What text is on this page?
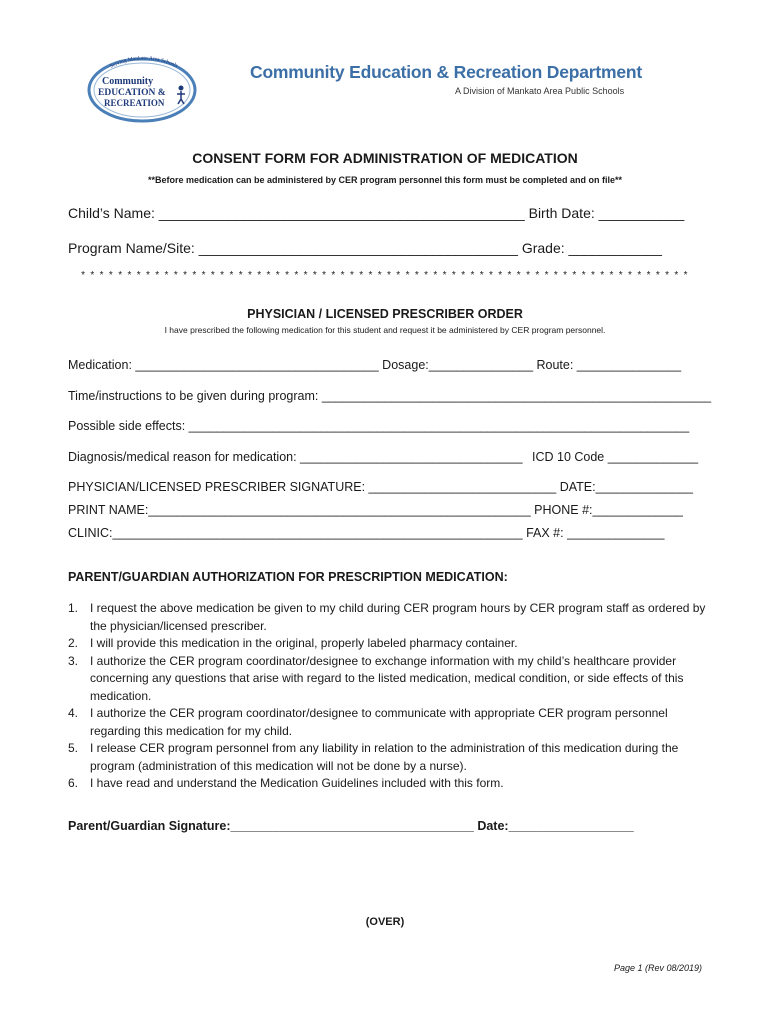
Serving Mankato Area Schools
Community
EDUCATION &
RECREATION
Community Education & Recreation Department
A Division of Mankato Area Public Schools
CONSENT FORM FOR ADMINISTRATION OF MEDICATION
**Before medication can be administered by CER program personnel this form must be completed and on file**
Child’s Name: _______________________________________________ Birth Date: ___________
Program Name/Site: _________________________________________ Grade: ____________
* * * * * * * * * * * * * * * * * * * * * * * * * * * * * * * * * * * * * * * * * * * * * * * * * * * * * * * * * * * * * * * * * *
PHYSICIAN / LICENSED PRESCRIBER ORDER
I have prescribed the following medication for this student and request it be administered by CER program personnel.
Medication: ___________________________________ Dosage:_______________ Route: _______________
Time/instructions to be given during program: ________________________________________________________
Possible side effects: ________________________________________________________________________
Diagnosis/medical reason for medication: ________________________________ ICD 10 Code _____________
PHYSICIAN/LICENSED PRESCRIBER SIGNATURE: ___________________________ DATE:______________
PRINT NAME:_______________________________________________________ PHONE #:_____________
CLINIC:___________________________________________________________ FAX #: ______________
PARENT/GUARDIAN AUTHORIZATION FOR PRESCRIPTION MEDICATION:
1. I request the above medication be given to my child during CER program hours by CER program staff as ordered by the physician/licensed prescriber.
2. I will provide this medication in the original, properly labeled pharmacy container.
3. I authorize the CER program coordinator/designee to exchange information with my child’s healthcare provider concerning any questions that arise with regard to the listed medication, medical condition, or side effects of this medication.
4. I authorize the CER program coordinator/designee to communicate with appropriate CER program personnel regarding this medication for my child.
5. I release CER program personnel from any liability in relation to the administration of this medication during the program (administration of this medication will not be done by a nurse).
6. I have read and understand the Medication Guidelines included with this form.
Parent/Guardian Signature:___________________________________ Date:__________________
(OVER)
Page 1 (Rev 08/2019)
